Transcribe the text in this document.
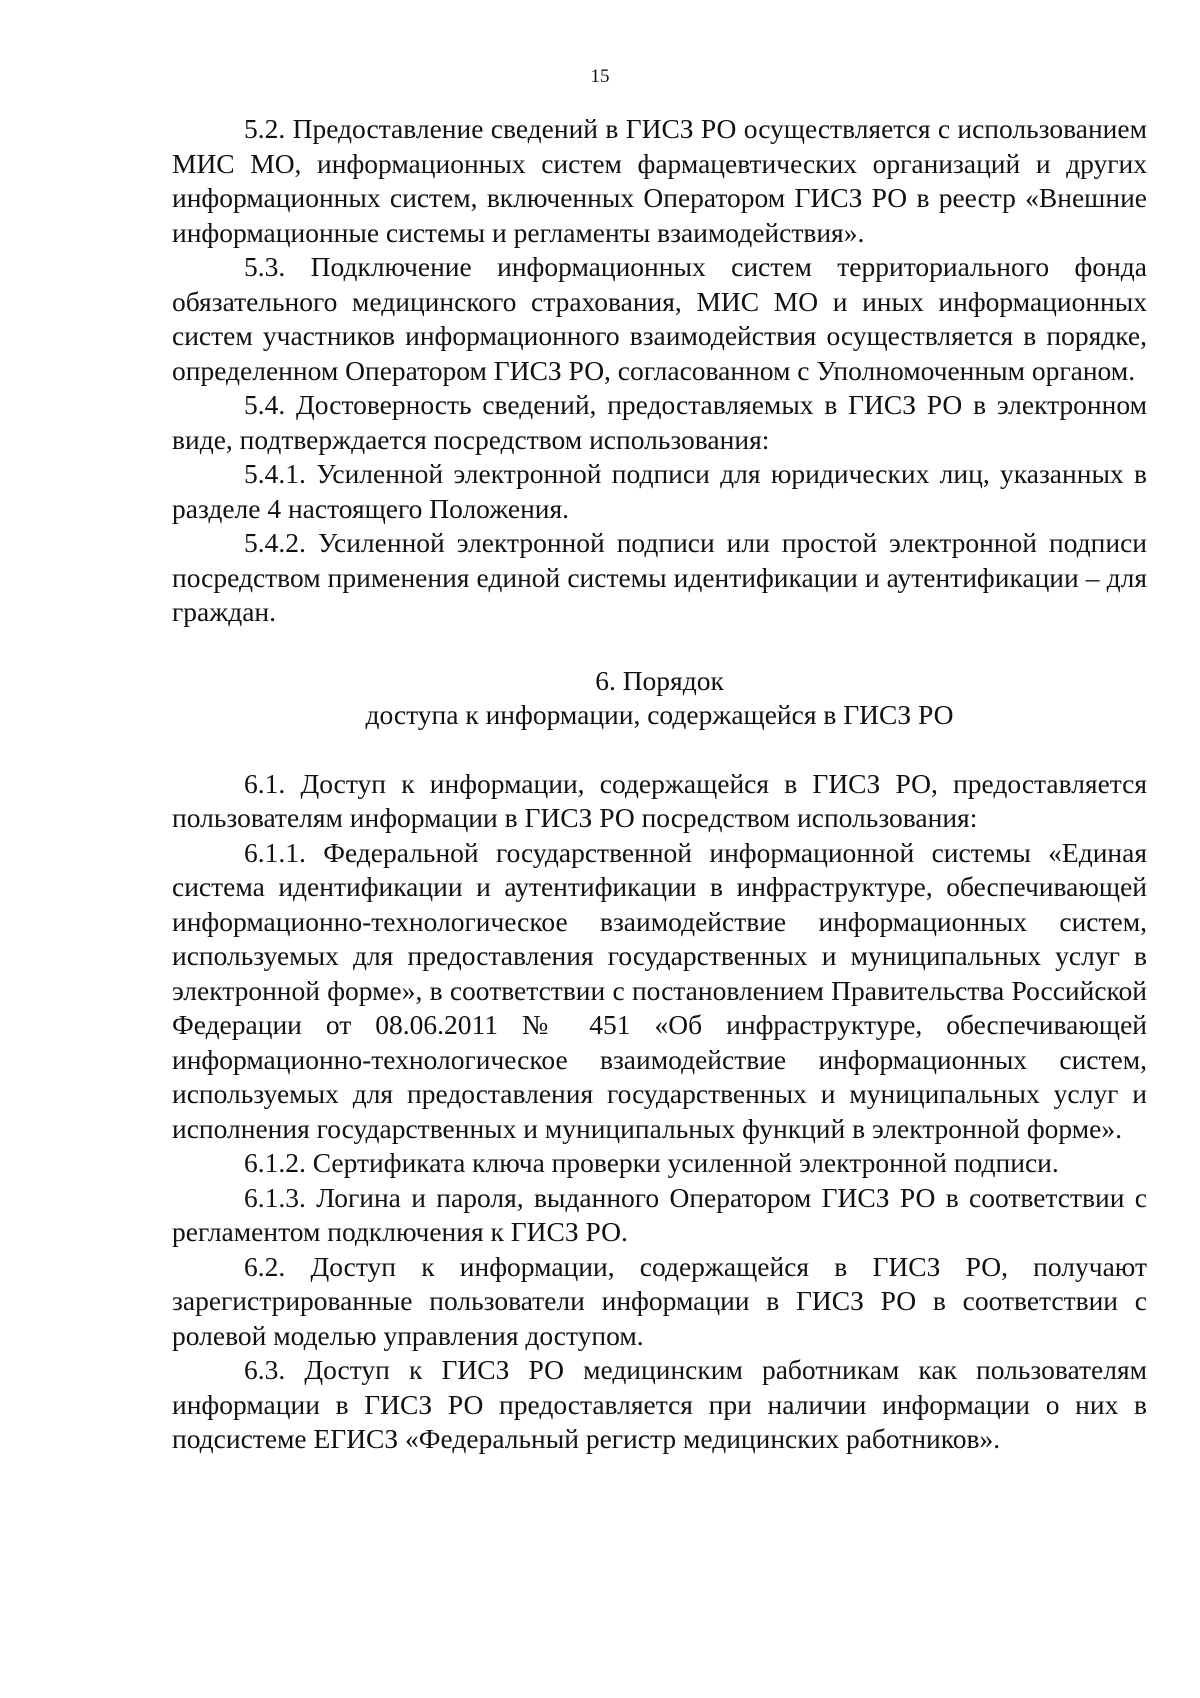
15

5.2. Предоставление сведений в ГИСЗ РО осуществляется с использованием МИС МО, информационных систем фармацевтических организаций и других информационных систем, включенных Оператором ГИСЗ РО в реестр «Внешние информационные системы и регламенты взаимодействия».

5.3. Подключение информационных систем территориального фонда обязательного медицинского страхования, МИС МО и иных информационных систем участников информационного взаимодействия осуществляется в порядке, определенном Оператором ГИСЗ РО, согласованном с Уполномоченным органом.

5.4. Достоверность сведений, предоставляемых в ГИСЗ РО в электронном виде, подтверждается посредством использования:

5.4.1. Усиленной электронной подписи для юридических лиц, указанных в разделе 4 настоящего Положения.

5.4.2. Усиленной электронной подписи или простой электронной подписи посредством применения единой системы идентификации и аутентификации – для граждан.

6. Порядок
доступа к информации, содержащейся в ГИСЗ РО

6.1. Доступ к информации, содержащейся в ГИСЗ РО, предоставляется пользователям информации в ГИСЗ РО посредством использования:

6.1.1. Федеральной государственной информационной системы «Единая система идентификации и аутентификации в инфраструктуре, обеспечивающей информационно-технологическое взаимодействие информационных систем, используемых для предоставления государственных и муниципальных услуг в электронной форме», в соответствии с постановлением Правительства Российской Федерации от 08.06.2011 № 451 «Об инфраструктуре, обеспечивающей информационно-технологическое взаимодействие информационных систем, используемых для предоставления государственных и муниципальных услуг и исполнения государственных и муниципальных функций в электронной форме».

6.1.2. Сертификата ключа проверки усиленной электронной подписи.

6.1.3. Логина и пароля, выданного Оператором ГИСЗ РО в соответствии с регламентом подключения к ГИСЗ РО.

6.2. Доступ к информации, содержащейся в ГИСЗ РО, получают зарегистрированные пользователи информации в ГИСЗ РО в соответствии с ролевой моделью управления доступом.

6.3. Доступ к ГИСЗ РО медицинским работникам как пользователям информации в ГИСЗ РО предоставляется при наличии информации о них в подсистеме ЕГИСЗ «Федеральный регистр медицинских работников».
